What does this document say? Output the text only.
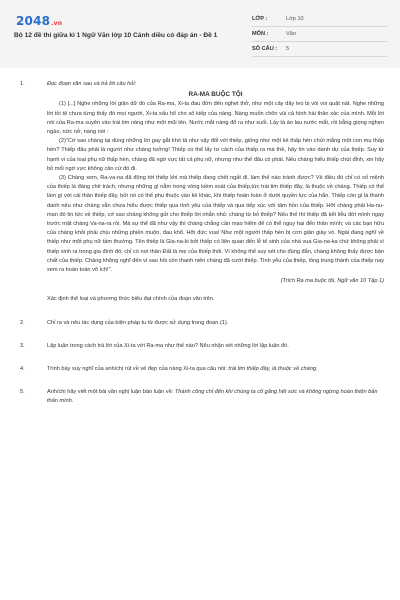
2048.vn
Bộ 12 đề thi giữa kì 1 Ngữ Văn lớp 10 Cánh diều có đáp án - Đề 1
LỚP :	Lớp 10
MÔN :	Văn
SỐ CÂU :	5
1.	Đọc đoạn văn sau và trả lời câu hỏi:
RA-MA BUỘC TỘI

(1) [...] Nghe những lời giận dữ đó của Ra-ma, Xi-ta đau đớn đến nghẹt thở, như một cây dây leo bị vòi voi quật nát. Nghe những lời tồi tệ chưa từng thấy đó mọi người, Xi-ta xấu hổ cho số kiếp của nàng. Nàng muốn chôn vùi cả hình hài thân xác của mình. Mỗi lời nói của Ra-ma xuyên vào trái tim nàng như một mũi tên. Nước mắt nàng đổ ra như suối. Lấy tà áo lau nước mắt, rồi bằng giọng nghẹn ngào, nức nở, nàng nói :

(2)"Cớ sao chàng lại dùng những lời gay gắt khó tả như vậy đối với thiếp, giống như một kẻ thấp hèn chửi mắng một con mụ thấp hèn? Thiếp đâu phải là người như chàng tưởng! Thiếp có thể lấy tư cách của thiếp ra mà thề, hãy tin vào danh dự của thiếp. Suy từ hạnh vi của loại phụ nữ thấp hèn, chàng đã ngờ vực tất cả phụ nữ, nhưng như thế đâu có phải. Nếu chàng hiểu thiếp chút đỉnh, xin hãy bỏ mối ngờ vực không căn cứ đó đi.

(3) Chàng xem, Ra-va-na đã động tới thiếp khi mà thiếp đang chết ngất đi, làm thế nào tránh được? Về điều đó chỉ có số mệnh của thiếp là đáng chê trách, nhưng những gì nằm trong vòng kiềm soát của thiếp,tức trái tim thiếp đây, là thuộc về chàng. Thiếp có thể làm gì với cái thân thiếp đây, bởi nó có thể phụ thuộc vào kẻ khác, khi thiếp hoàn toàn ở dưới quyền lực của hắn. Thiếp còn gì là thanh danh nếu như chàng vẫn chưa hiểu được thiếp qua tình yêu của thiếp và qua tiếp xúc với tâm hồn của thiếp. Hỡi chàng phải Ha-nu-man đó tin tức về thiếp, cớ sao chàng không gửi cho thiếp lời nhắn nhủ: chàng từ bỏ thiếp? Nếu thế thì thiếp đã kết liễu đời mình ngay trước mặt chàng Va-na-ra rồi. Mà sự thể đã như vậy thì chàng chẳng cần mạo hiểm để có thể nguy hại đến thân mình; và các bạn hữu của chàng khỏi phải chịu những phiền muộn, đau khổ. Hỡi đức vua! Như một người thấp hèn bị cơn giận giày vò. Ngài đang nghĩ về thiếp như một phụ nữ tầm thường. Tên thiếp là Gia-na-ki bởi thiếp có liên quan đến lễ tế sinh của nhà vua Gia-na-ka chứ không phải vì thiếp sinh ra trong gia đình đó; chỉ có nơi thân Đất là mẹ của thiếp thôi. Vì không thể suy xét cho đúng đắn, chàng không thấy được bản chất của thiếp. Chàng không nghĩ đến vì sao hồi còn thanh niên chàng đã cưới thiếp. Tình yêu của thiếp, lòng trung thành của thiếp nay xem ra hoàn toàn vô ích!".

(Trích Ra ma buộc tội, Ngữ văn 10 Tập 1)
Xác định thể loại và phương thức biểu đạt chính của đoạn văn trên.
2.	Chỉ ra và nêu tác dụng của biện pháp tu từ được sử dụng trong đoạn (1).
3.	Lập luận trong cách trả lời của Xi-ta với Ra-ma như thế nào? Nêu nhận xét những lời lập luận đó.
4.	Trình bày suy nghĩ của anh/chị rút về vẻ đẹp của nàng Xi-ta qua câu nói: trái tim thiếp đây, là thuộc về chàng.
5.	Anh/chị hãy viết một bài văn nghị luận bàn luận về: Thành công chỉ đến khi chúng ta cố gắng hết sức và không ngừng hoàn thiện bản thân mình.
